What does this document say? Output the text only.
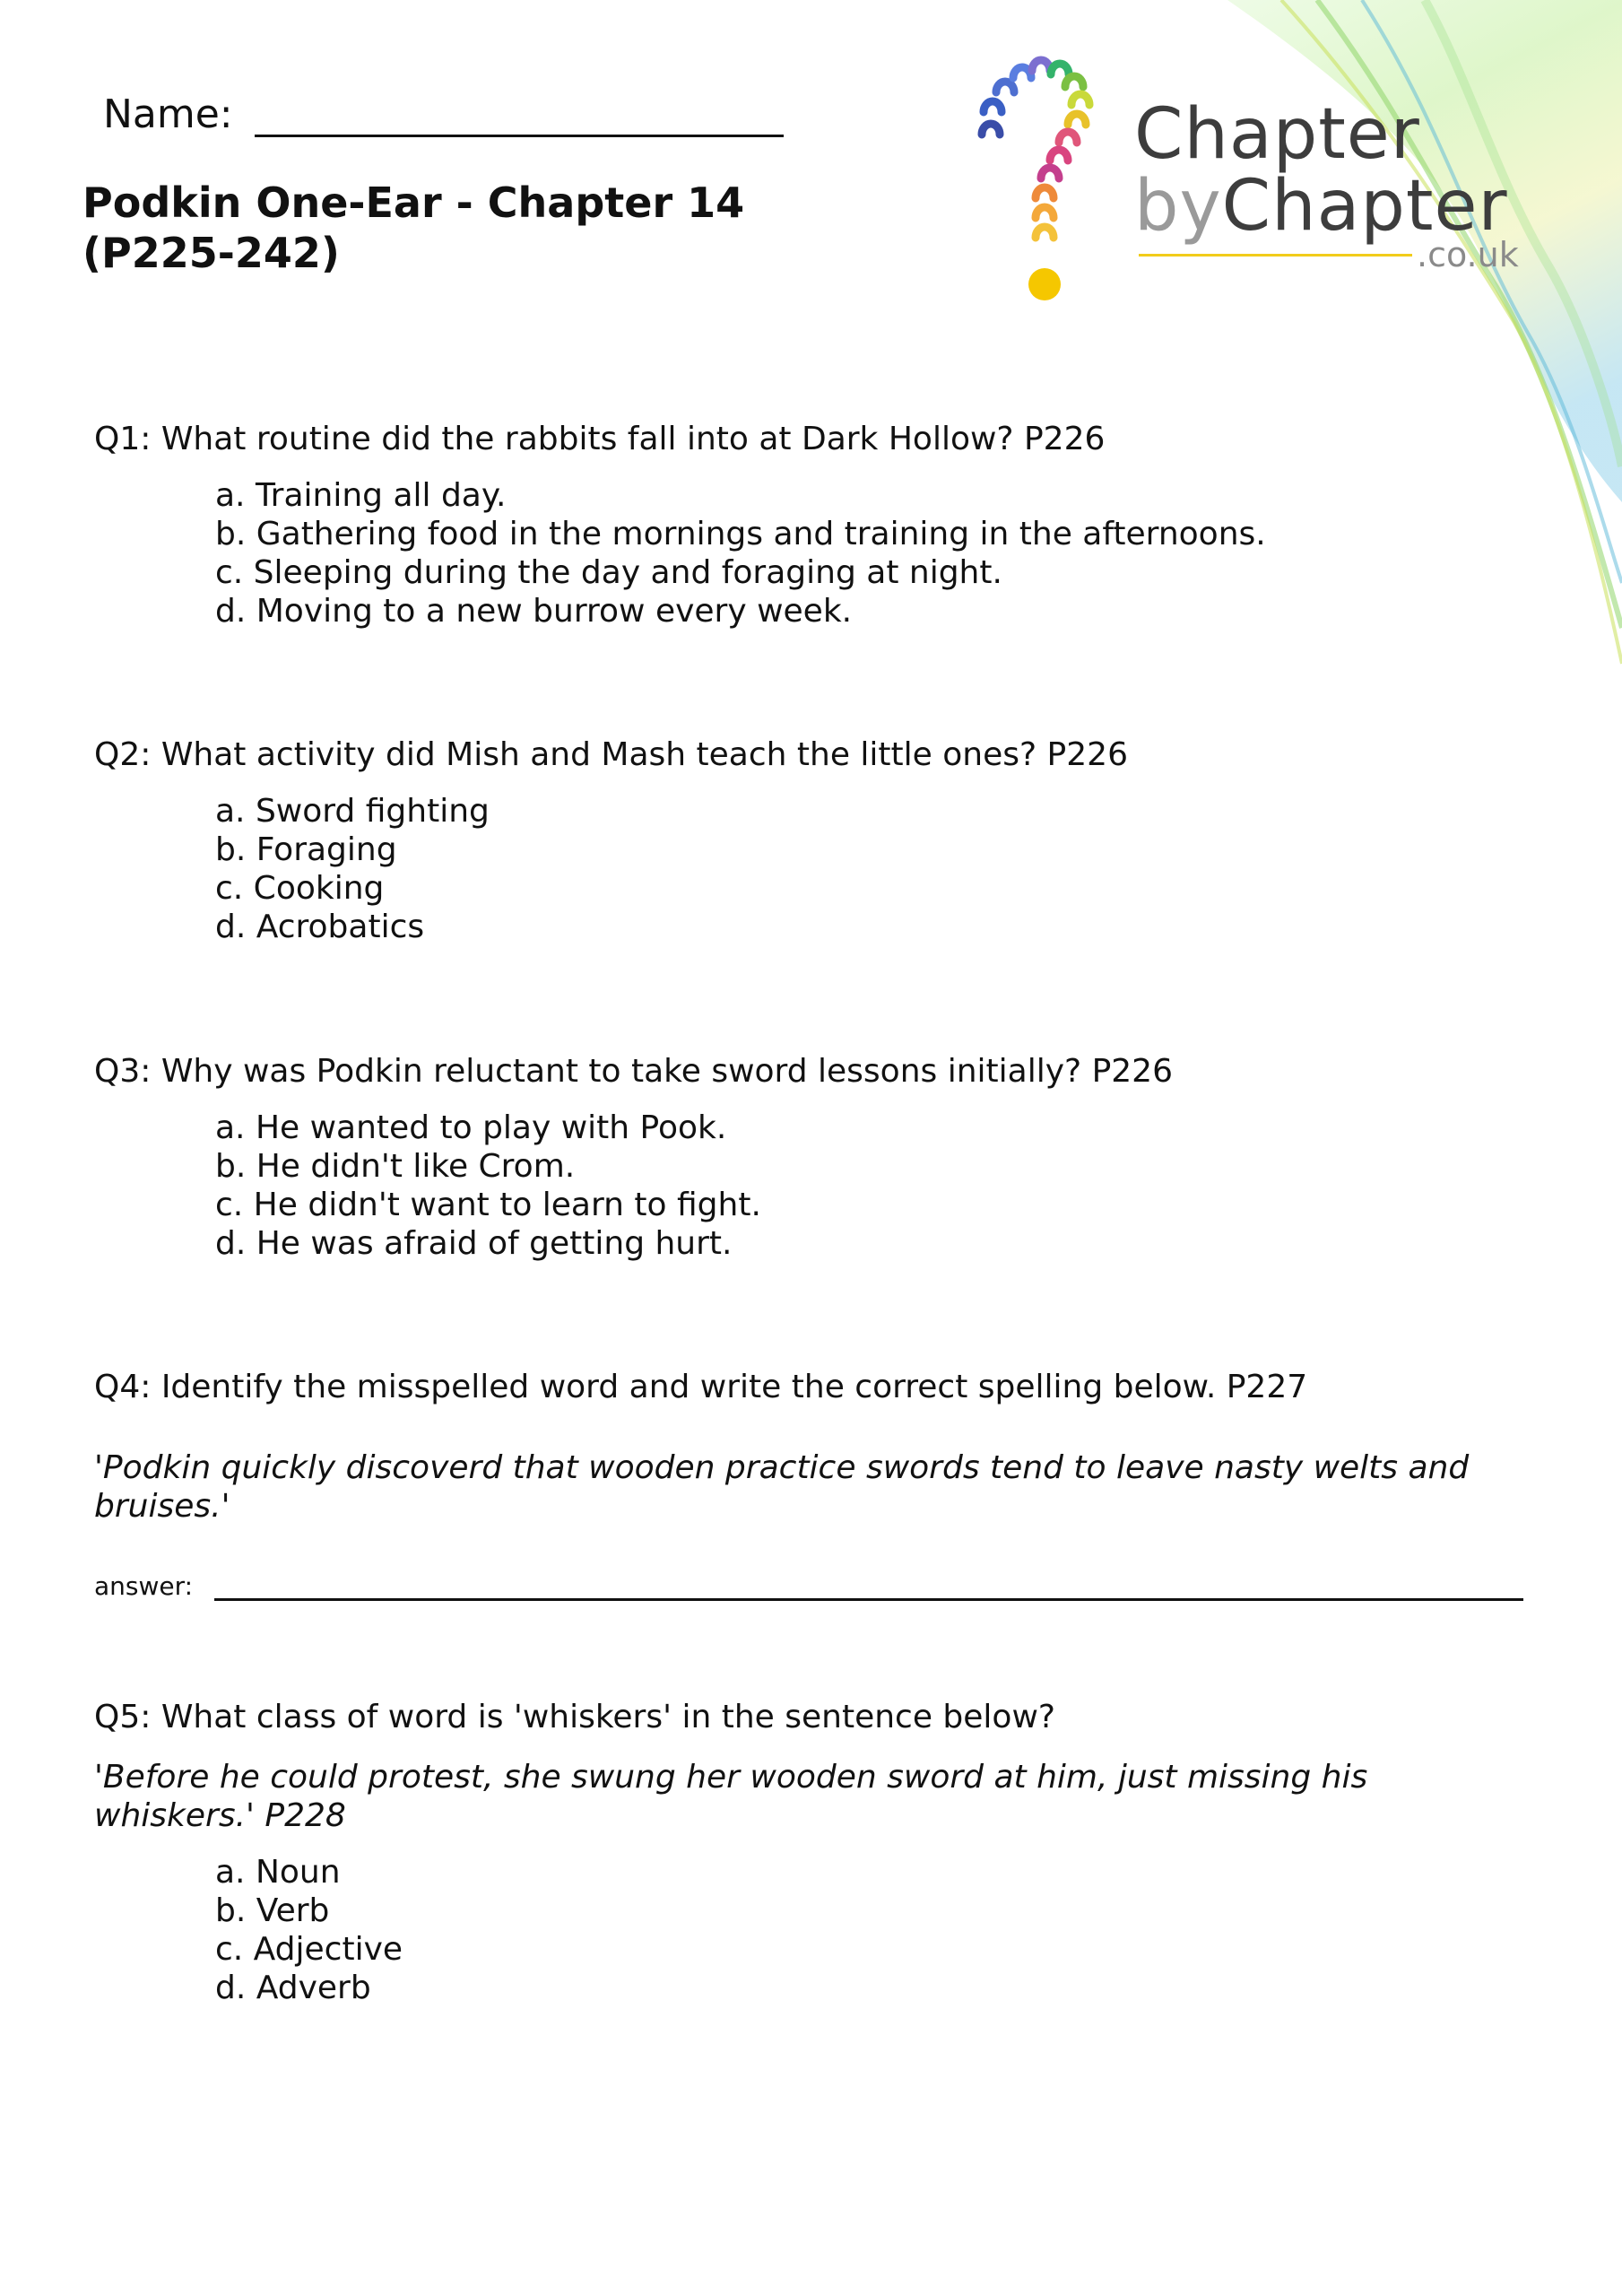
Name:
Podkin One-Ear - Chapter 14 (P225-242)
Chapter
byChapter
.co.uk

Q1: What routine did the rabbits fall into at Dark Hollow? P226

a. Training all day.
b. Gathering food in the mornings and training in the afternoons.
c. Sleeping during the day and foraging at night.
d. Moving to a new burrow every week.

Q2: What activity did Mish and Mash teach the little ones? P226

a. Sword fighting
b. Foraging
c. Cooking
d. Acrobatics

Q3: Why was Podkin reluctant to take sword lessons initially? P226

a. He wanted to play with Pook.
b. He didn't like Crom.
c. He didn't want to learn to fight.
d. He was afraid of getting hurt.

Q4: Identify the misspelled word and write the correct spelling below. P227

'Podkin quickly discoverd that wooden practice swords tend to leave nasty welts and bruises.'

answer:

Q5: What class of word is 'whiskers' in the sentence below?

'Before he could protest, she swung her wooden sword at him, just missing his whiskers.' P228

a. Noun
b. Verb
c. Adjective
d. Adverb
